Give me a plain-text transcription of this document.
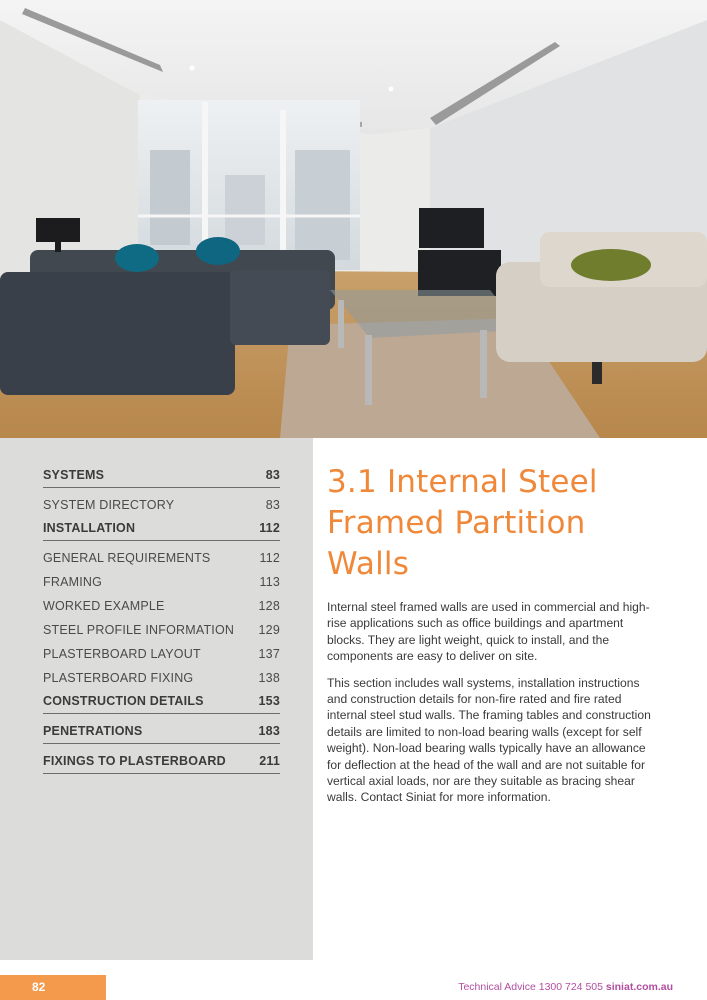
SYSTEMS	83
SYSTEM DIRECTORY	83
INSTALLATION	112
GENERAL REQUIREMENTS	112
FRAMING	113
WORKED EXAMPLE	128
STEEL PROFILE INFORMATION 129
PLASTERBOARD LAYOUT	137
PLASTERBOARD FIXING	138
CONSTRUCTION DETAILS	153
PENETRATIONS	183
FIXINGS TO PLASTERBOARD	211
3.1 Internal Steel
Framed Partition
Walls

Internal steel framed walls are used in commercial and high-rise applications such as office buildings and apartment blocks. They are light weight, quick to install, and the components are easy to deliver on site.

This section includes wall systems, installation instructions and construction details for non-fire rated and fire rated internal steel stud walls. The framing tables and construction details are limited to non-load bearing walls (except for self weight). Non-load bearing walls typically have an allowance for deflection at the head of the wall and are not suitable for vertical axial loads, nor are they suitable as bracing shear walls. Contact Siniat for more information.

82	Technical Advice 1300 724 505 siniat.com.au
